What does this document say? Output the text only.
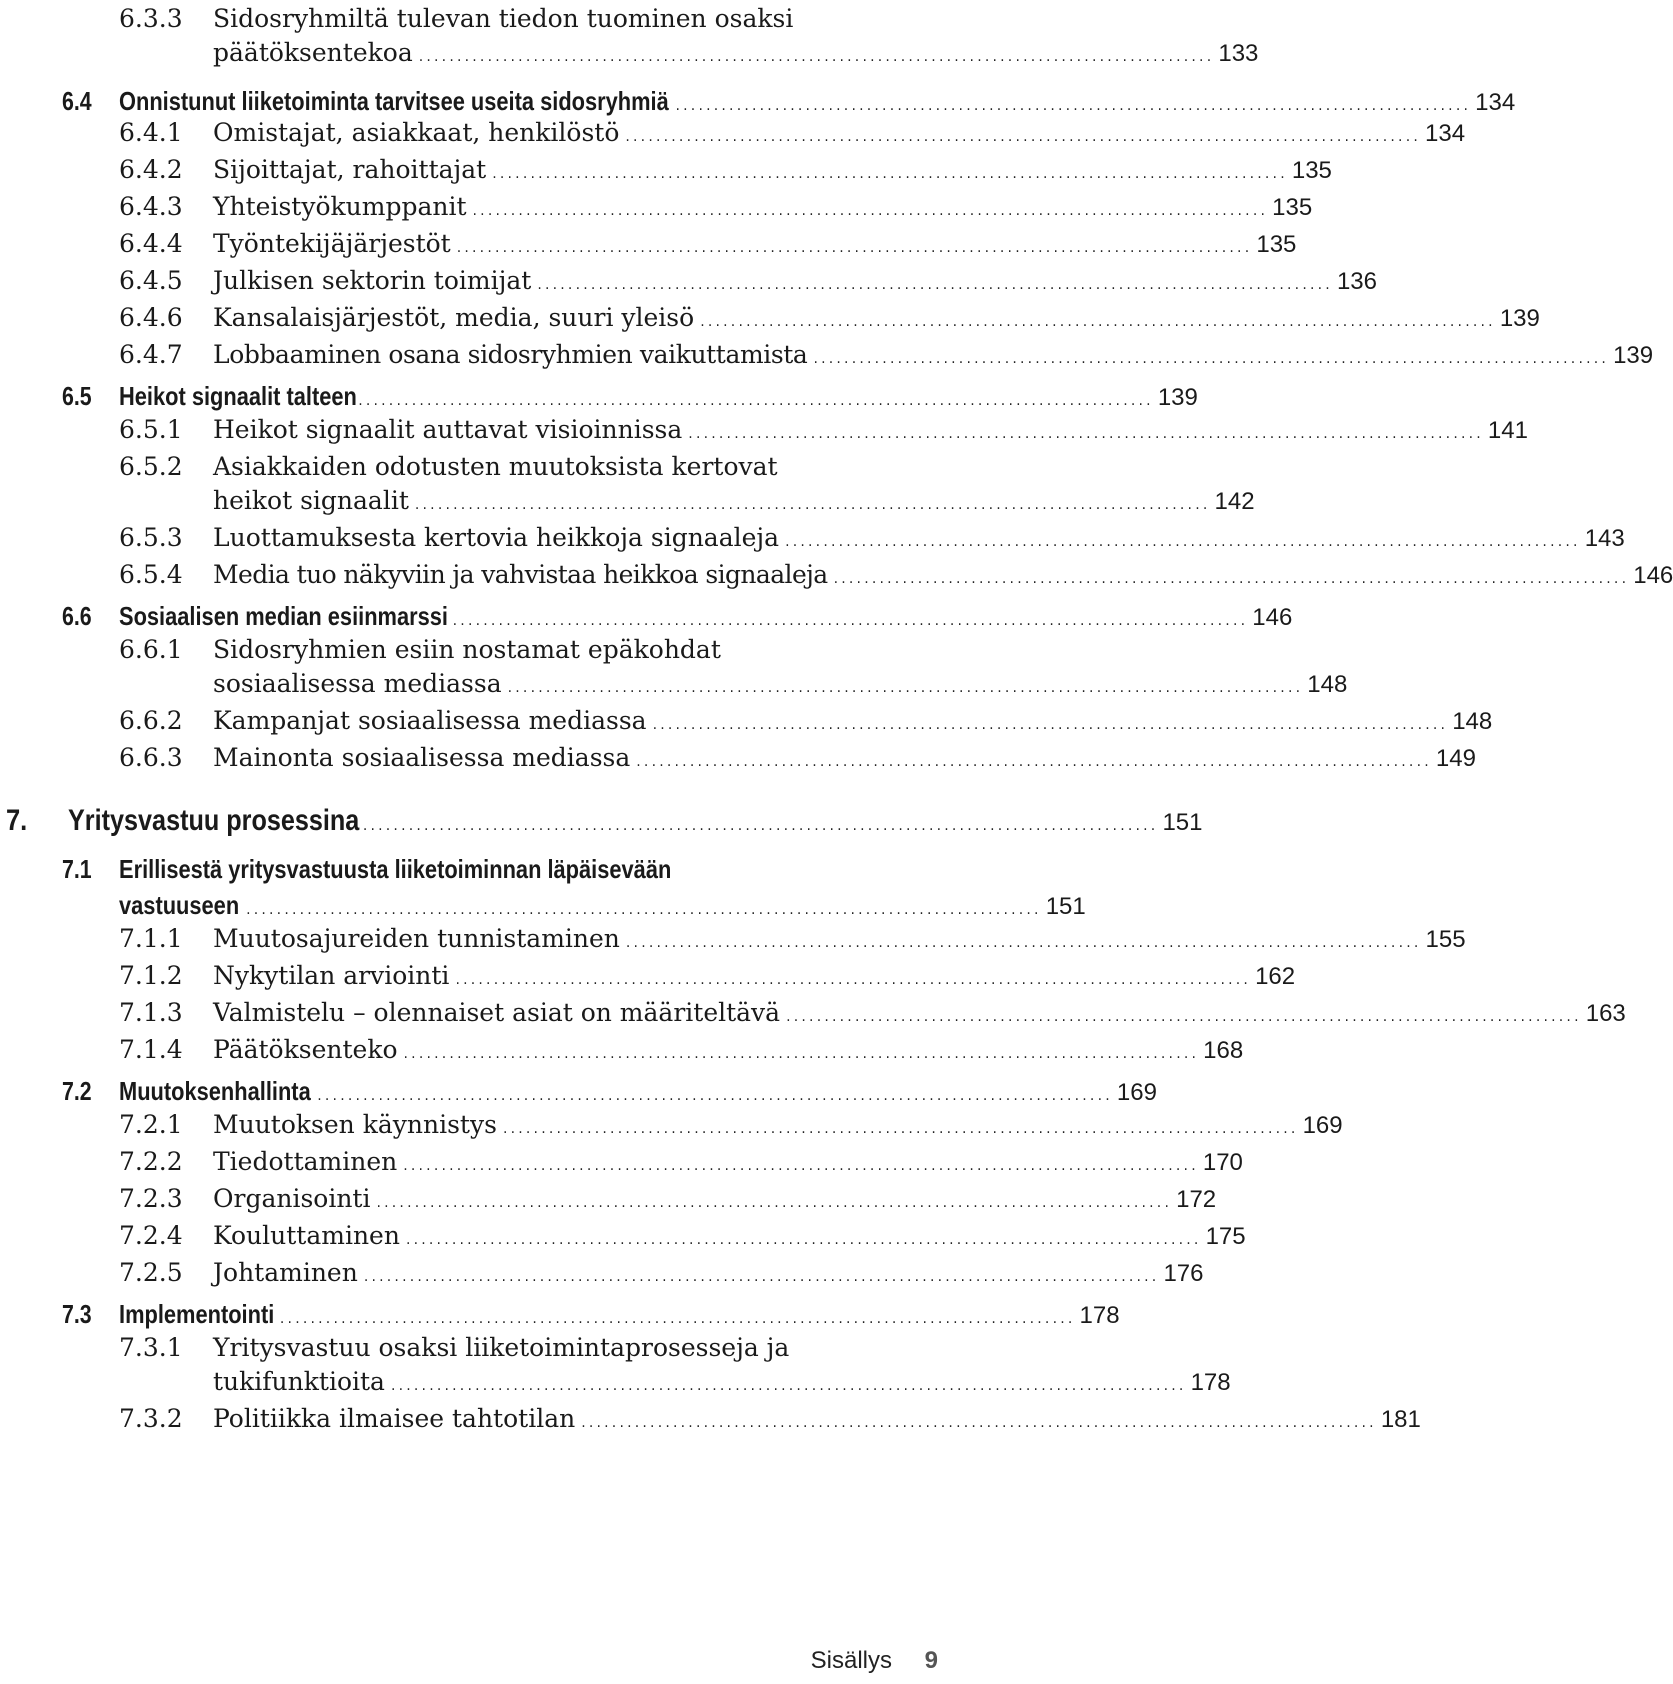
6.3.3 Sidosryhmiltä tulevan tiedon tuominen osaksi
päätöksentekoa ........................................................................................................ 133
6.4 Onnistunut liiketoiminta tarvitsee useita sidosryhmiä ........................................................................................................ 134
6.4.1 Omistajat, asiakkaat, henkilöstö ........................................................................................................ 134
6.4.2 Sijoittajat, rahoittajat ........................................................................................................ 135
6.4.3 Yhteistyökumppanit ........................................................................................................ 135
6.4.4 Työntekijäjärjestöt ........................................................................................................ 135
6.4.5 Julkisen sektorin toimijat ........................................................................................................ 136
6.4.6 Kansalaisjärjestöt, media, suuri yleisö ........................................................................................................ 139
6.4.7 Lobbaaminen osana sidosryhmien vaikuttamista ........................................................................................................ 139
6.5 Heikot signaalit talteen ........................................................................................................ 139
6.5.1 Heikot signaalit auttavat visioinnissa ........................................................................................................ 141
6.5.2 Asiakkaiden odotusten muutoksista kertovat
heikot signaalit ........................................................................................................ 142
6.5.3 Luottamuksesta kertovia heikkoja signaaleja ........................................................................................................ 143
6.5.4 Media tuo näkyviin ja vahvistaa heikkoa signaaleja ........................................................................................................ 146
6.6 Sosiaalisen median esiinmarssi ........................................................................................................ 146
6.6.1 Sidosryhmien esiin nostamat epäkohdat
sosiaalisessa mediassa ........................................................................................................ 148
6.6.2 Kampanjat sosiaalisessa mediassa ........................................................................................................ 148
6.6.3 Mainonta sosiaalisessa mediassa ........................................................................................................ 149
7. Yritysvastuu prosessina ........................................................................................................ 151
7.1 Erillisestä yritysvastuusta liiketoiminnan läpäisevään
vastuuseen ........................................................................................................ 151
7.1.1 Muutosajureiden tunnistaminen ........................................................................................................ 155
7.1.2 Nykytilan arviointi ........................................................................................................ 162
7.1.3 Valmistelu – olennaiset asiat on määriteltävä ........................................................................................................ 163
7.1.4 Päätöksenteko ........................................................................................................ 168
7.2 Muutoksenhallinta ........................................................................................................ 169
7.2.1 Muutoksen käynnistys ........................................................................................................ 169
7.2.2 Tiedottaminen ........................................................................................................ 170
7.2.3 Organisointi ........................................................................................................ 172
7.2.4 Kouluttaminen ........................................................................................................ 175
7.2.5 Johtaminen ........................................................................................................ 176
7.3 Implementointi ........................................................................................................ 178
7.3.1 Yritysvastuu osaksi liiketoimintaprosesseja ja
tukifunktioita ........................................................................................................ 178
7.3.2 Politiikka ilmaisee tahtotilan ........................................................................................................ 181
Sisällys 9
